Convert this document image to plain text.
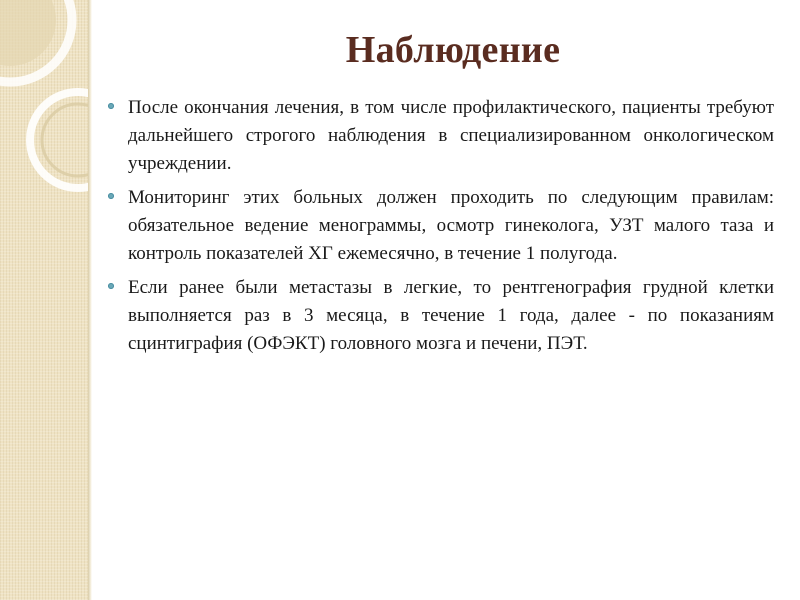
Наблюдение
После окончания лечения, в том числе профилактического, пациенты требуют дальнейшего строгого наблюдения в специализированном онкологическом учреждении.
Мониторинг этих больных должен проходить по следующим правилам: обязательное ведение менограммы, осмотр гинеколога, УЗТ малого таза и контроль показателей ХГ ежемесячно, в течение 1 полугода.
Если ранее были метастазы в легкие, то рентгенография грудной клетки выполняется раз в 3 месяца, в течение 1 года, далее - по показаниям сцинтиграфия (ОФЭКТ) головного мозга и печени, ПЭТ.
